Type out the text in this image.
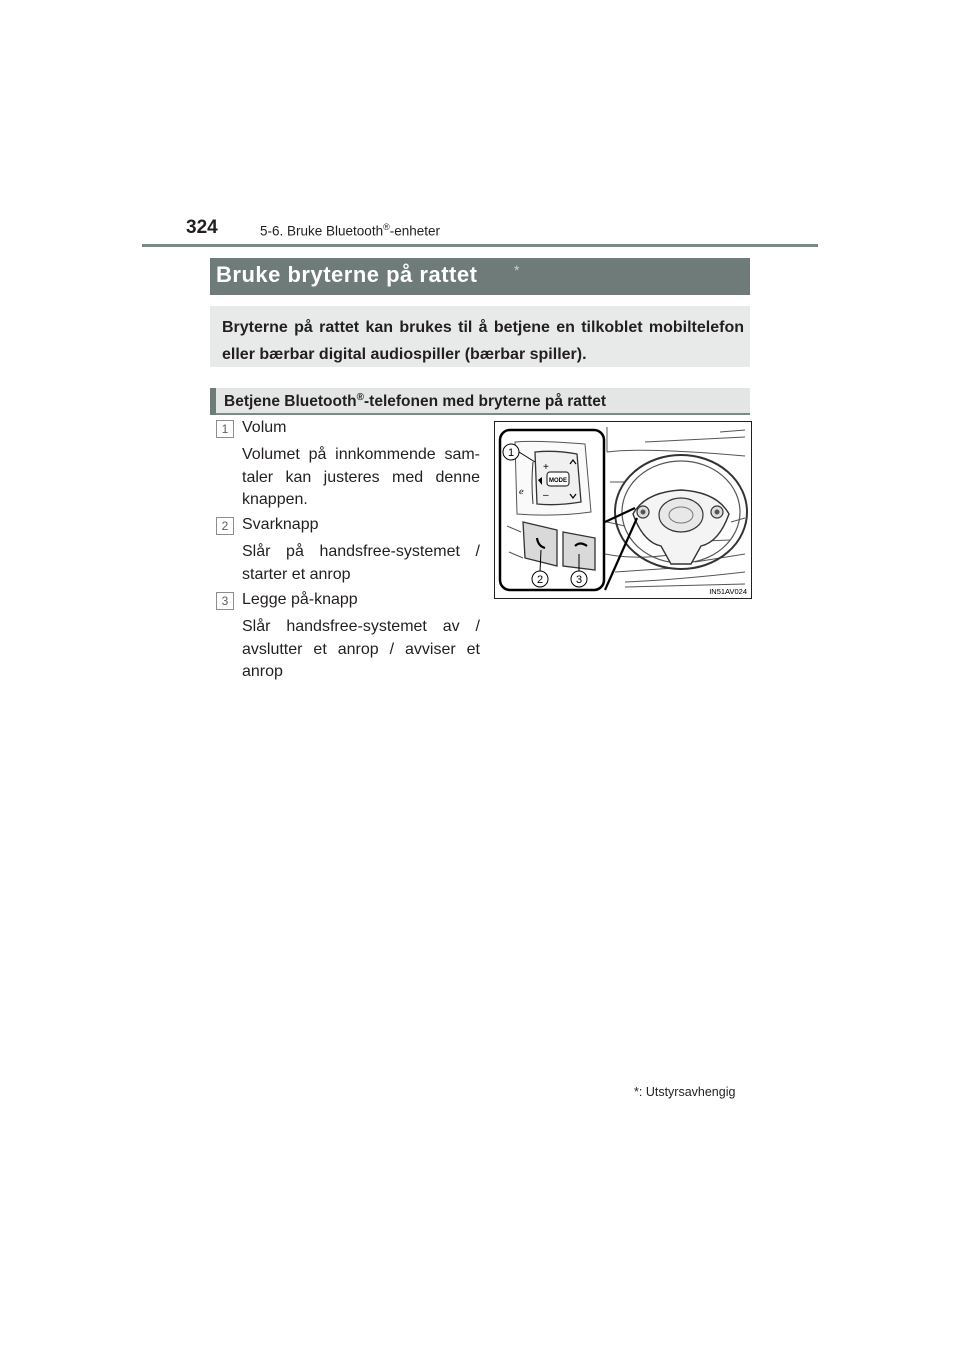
324	5-6. Bruke Bluetooth®-enheter
Bruke bryterne på rattet	*
Bryterne på rattet kan brukes til å betjene en tilkoblet mobiltelefon eller bærbar digital audiospiller (bærbar spiller).
Betjene Bluetooth®-telefonen med bryterne på rattet
1 Volum
Volumet på innkommende samtaler kan justeres med denne knappen.
2 Svarknapp
Slår på handsfree-systemet / starter et anrop
3 Legge på-knapp
Slår handsfree-systemet av / avslutter et anrop / avviser et anrop
MODE
+
–
ℯ
1
2	3
IN51AV024
*: Utstyrsavhengig
